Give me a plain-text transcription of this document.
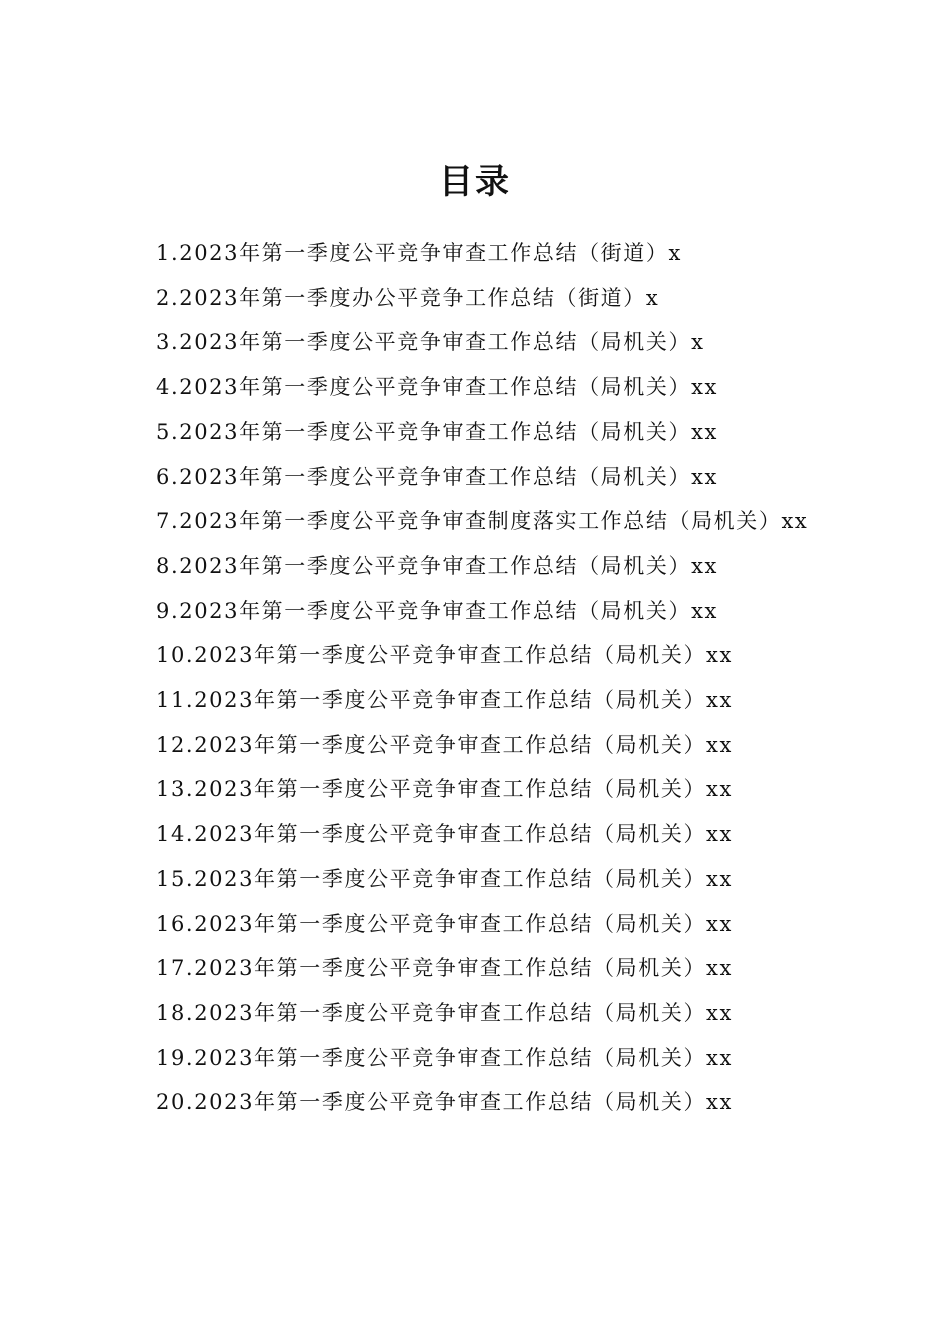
目录
1.2023年第一季度公平竞争审查工作总结（街道）x
2.2023年第一季度办公平竞争工作总结（街道）x
3.2023年第一季度公平竞争审查工作总结（局机关）x
4.2023年第一季度公平竞争审查工作总结（局机关）xx
5.2023年第一季度公平竞争审查工作总结（局机关）xx
6.2023年第一季度公平竞争审查工作总结（局机关）xx
7.2023年第一季度公平竞争审查制度落实工作总结（局机关）xx
8.2023年第一季度公平竞争审查工作总结（局机关）xx
9.2023年第一季度公平竞争审查工作总结（局机关）xx
10.2023年第一季度公平竞争审查工作总结（局机关）xx
11.2023年第一季度公平竞争审查工作总结（局机关）xx
12.2023年第一季度公平竞争审查工作总结（局机关）xx
13.2023年第一季度公平竞争审查工作总结（局机关）xx
14.2023年第一季度公平竞争审查工作总结（局机关）xx
15.2023年第一季度公平竞争审查工作总结（局机关）xx
16.2023年第一季度公平竞争审查工作总结（局机关）xx
17.2023年第一季度公平竞争审查工作总结（局机关）xx
18.2023年第一季度公平竞争审查工作总结（局机关）xx
19.2023年第一季度公平竞争审查工作总结（局机关）xx
20.2023年第一季度公平竞争审查工作总结（局机关）xx
